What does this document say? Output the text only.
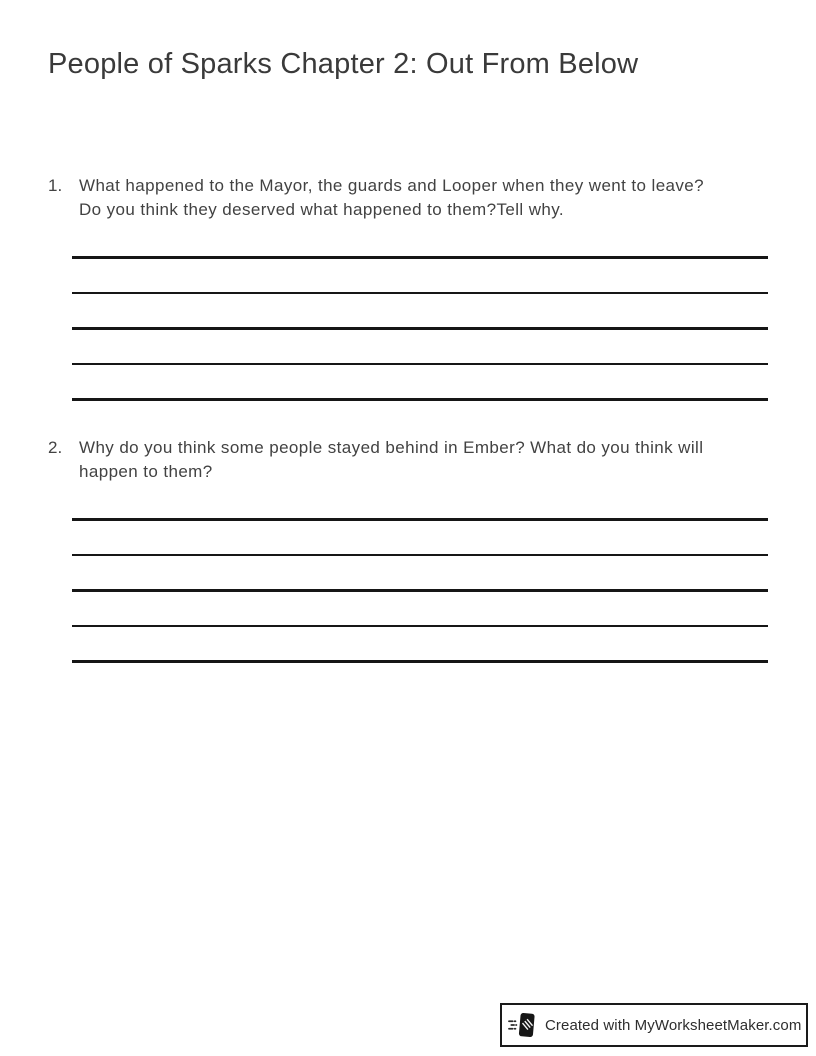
People of Sparks Chapter 2: Out From Below
1. What happened to the Mayor, the guards and Looper when they went to leave? Do you think they deserved what happened to them?Tell why.

2. Why do you think some people stayed behind in Ember? What do you think will happen to them?

Created with MyWorksheetMaker.com
